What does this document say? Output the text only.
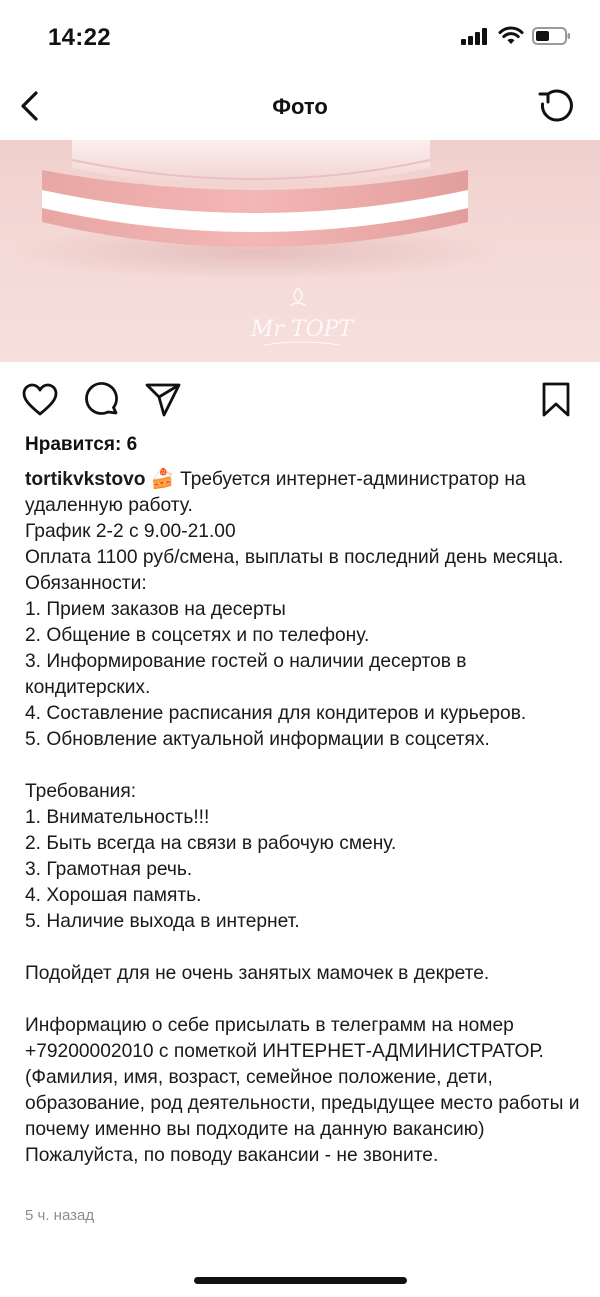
14:22
Фото
Mr ТОРТ
Нравится: 6

tortikvkstovo 🍰 Требуется интернет-администратор на удаленную работу.

График 2-2 с 9.00-21.00

Оплата 1100 руб/смена, выплаты в последний день месяца.

Обязанности:

1. Прием заказов на десерты

2. Общение в соцсетях и по телефону.

3. Информирование гостей о наличии десертов в кондитерских.

4. Составление расписания для кондитеров и курьеров.

5. Обновление актуальной информации в соцсетях.

Требования:

1. Внимательность!!!

2. Быть всегда на связи в рабочую смену.

3. Грамотная речь.

4. Хорошая память.

5. Наличие выхода в интернет.

Подойдет для не очень занятых мамочек в декрете.

Информацию о себе присылать в телеграмм на номер +79200002010 с пометкой ИНТЕРНЕТ-АДМИНИСТРАТОР. (Фамилия, имя, возраст, семейное положение, дети, образование, род деятельности, предыдущее место работы и почему именно вы подходите на данную вакансию) Пожалуйста, по поводу вакансии - не звоните.

5 ч. назад
